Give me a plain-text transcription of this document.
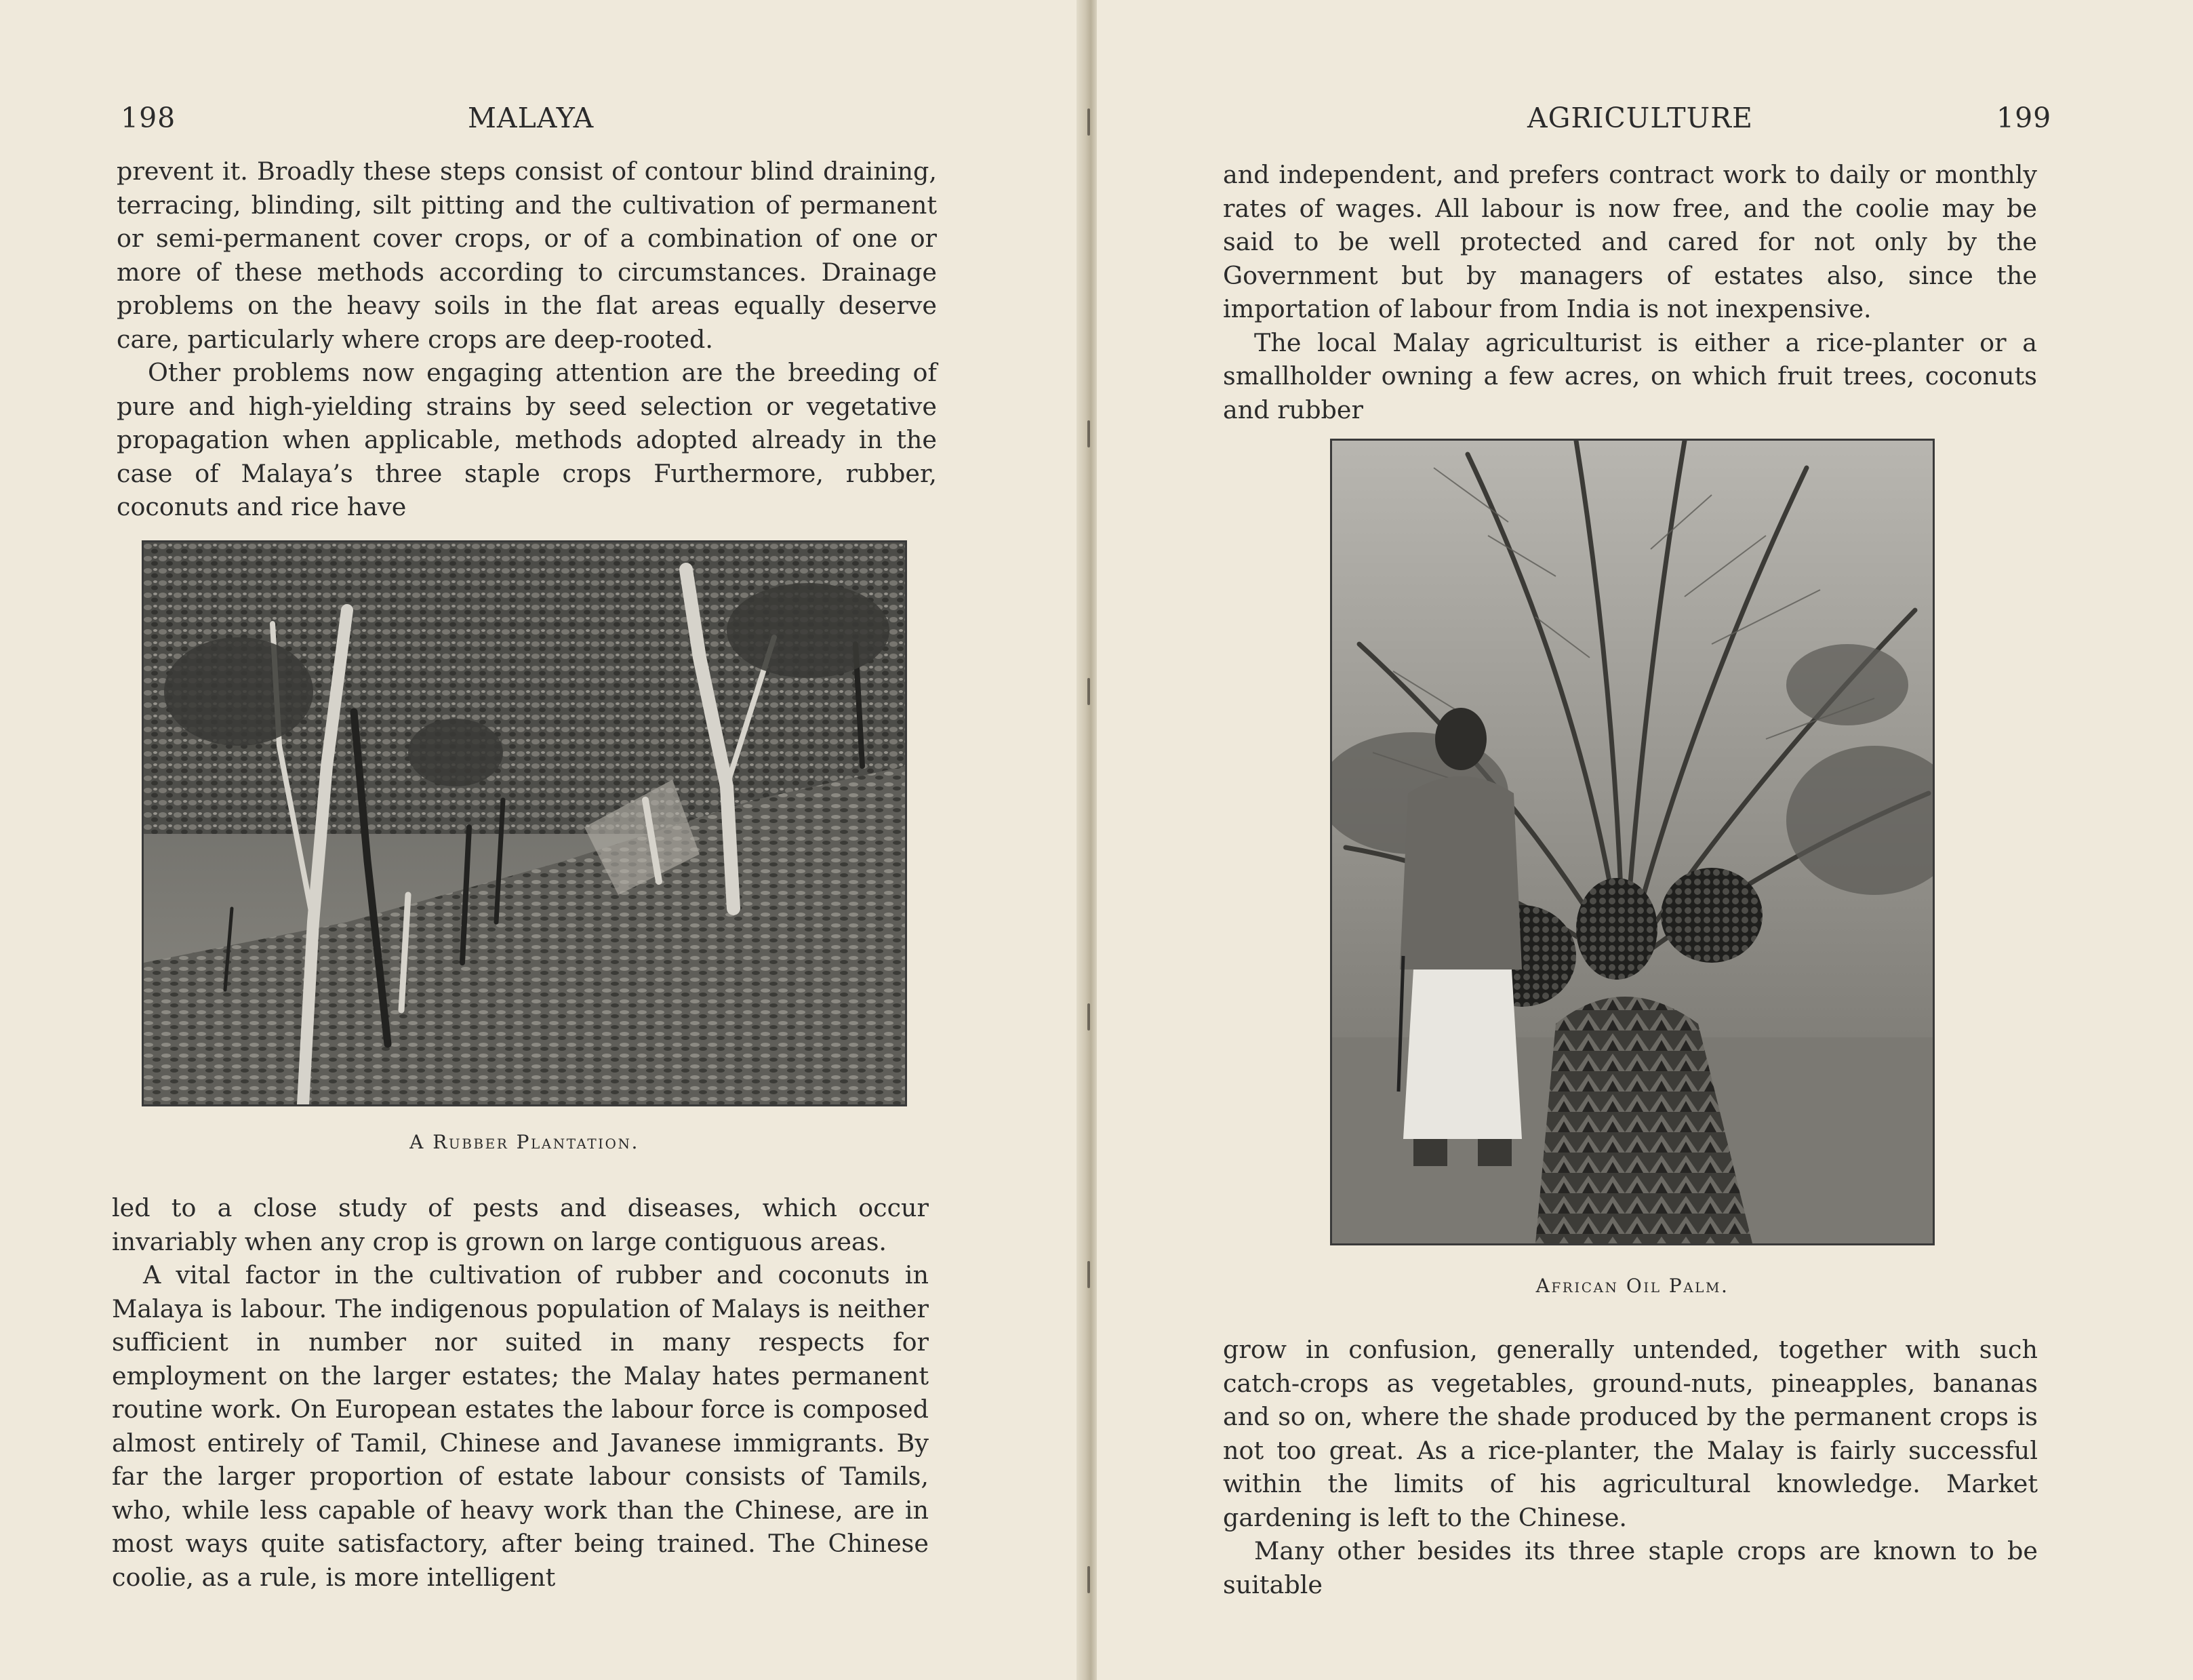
198	MALAYA

prevent it. Broadly these steps consist of contour blind draining, terracing, blinding, silt pitting and the cultivation of permanent or semi-permanent cover crops, or of a combination of one or more of these methods according to circumstances. Drainage problems on the heavy soils in the flat areas equally deserve care, particularly where crops are deep-rooted.

Other problems now engaging attention are the breeding of pure and high-yielding strains by seed selection or vegetative propagation when applicable, methods adopted already in the case of Malaya’s three staple crops Furthermore, rubber, coconuts and rice have

A Rubber Plantation.

led to a close study of pests and diseases, which occur invariably when any crop is grown on large contiguous areas.

A vital factor in the cultivation of rubber and coconuts in Malaya is labour. The indigenous population of Malays is neither sufficient in number nor suited in many respects for employment on the larger estates; the Malay hates permanent routine work. On European estates the labour force is composed almost entirely of Tamil, Chinese and Javanese immigrants. By far the larger proportion of estate labour consists of Tamils, who, while less capable of heavy work than the Chinese, are in most ways quite satisfactory, after being trained. The Chinese coolie, as a rule, is more intelligent

AGRICULTURE	199

and independent, and prefers contract work to daily or monthly rates of wages. All labour is now free, and the coolie may be said to be well protected and cared for not only by the Government but by managers of estates also, since the importation of labour from India is not inexpensive.

The local Malay agriculturist is either a rice-planter or a smallholder owning a few acres, on which fruit trees, coconuts and rubber

African Oil Palm.

grow in confusion, generally untended, together with such catch-crops as vegetables, ground-nuts, pineapples, bananas and so on, where the shade produced by the permanent crops is not too great. As a rice-planter, the Malay is fairly successful within the limits of his agricultural knowledge. Market gardening is left to the Chinese.

Many other besides its three staple crops are known to be suitable
